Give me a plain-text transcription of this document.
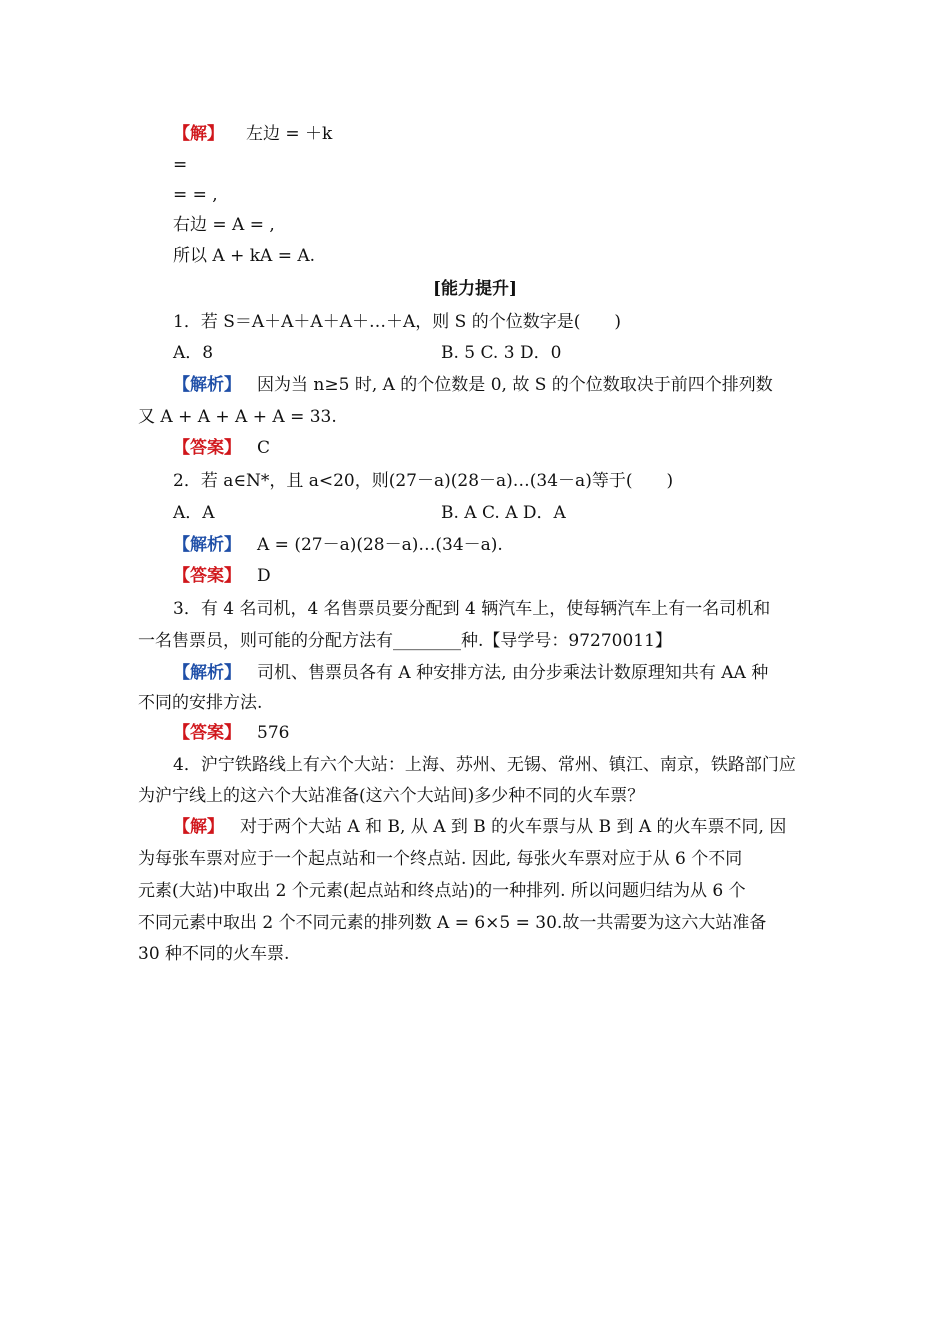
【解】 左边 = ＋k
=
= = ,
右边 = A = ,
所以 A + kA = A.
[能力提升]
1．若 S＝A＋A＋A＋A＋…＋A，则 S 的个位数字是(　　)
A．8	B. 5 C. 3 D．0
【解析】 因为当 n≥5 时, A 的个位数是 0, 故 S 的个位数取决于前四个排列数
又 A + A + A + A = 33.
【答案】 C
2．若 a∈N*，且 a<20，则(27－a)(28－a)…(34－a)等于(　　)
A．A	B. A C. A D．A
【解析】 A = (27－a)(28－a)…(34－a).
【答案】 D
3．有 4 名司机，4 名售票员要分配到 4 辆汽车上，使每辆汽车上有一名司机和
一名售票员，则可能的分配方法有________种.【导学号：97270011】
【解析】 司机、售票员各有 A 种安排方法, 由分步乘法计数原理知共有 AA 种
不同的安排方法.
【答案】 576
4．沪宁铁路线上有六个大站：上海、苏州、无锡、常州、镇江、南京，铁路部门应
为沪宁线上的这六个大站准备(这六个大站间)多少种不同的火车票？
【解】 对于两个大站 A 和 B, 从 A 到 B 的火车票与从 B 到 A 的火车票不同, 因
为每张车票对应于一个起点站和一个终点站. 因此, 每张火车票对应于从 6 个不同
元素(大站)中取出 2 个元素(起点站和终点站)的一种排列. 所以问题归结为从 6 个
不同元素中取出 2 个不同元素的排列数 A = 6×5 = 30.故一共需要为这六大站准备
30 种不同的火车票.
